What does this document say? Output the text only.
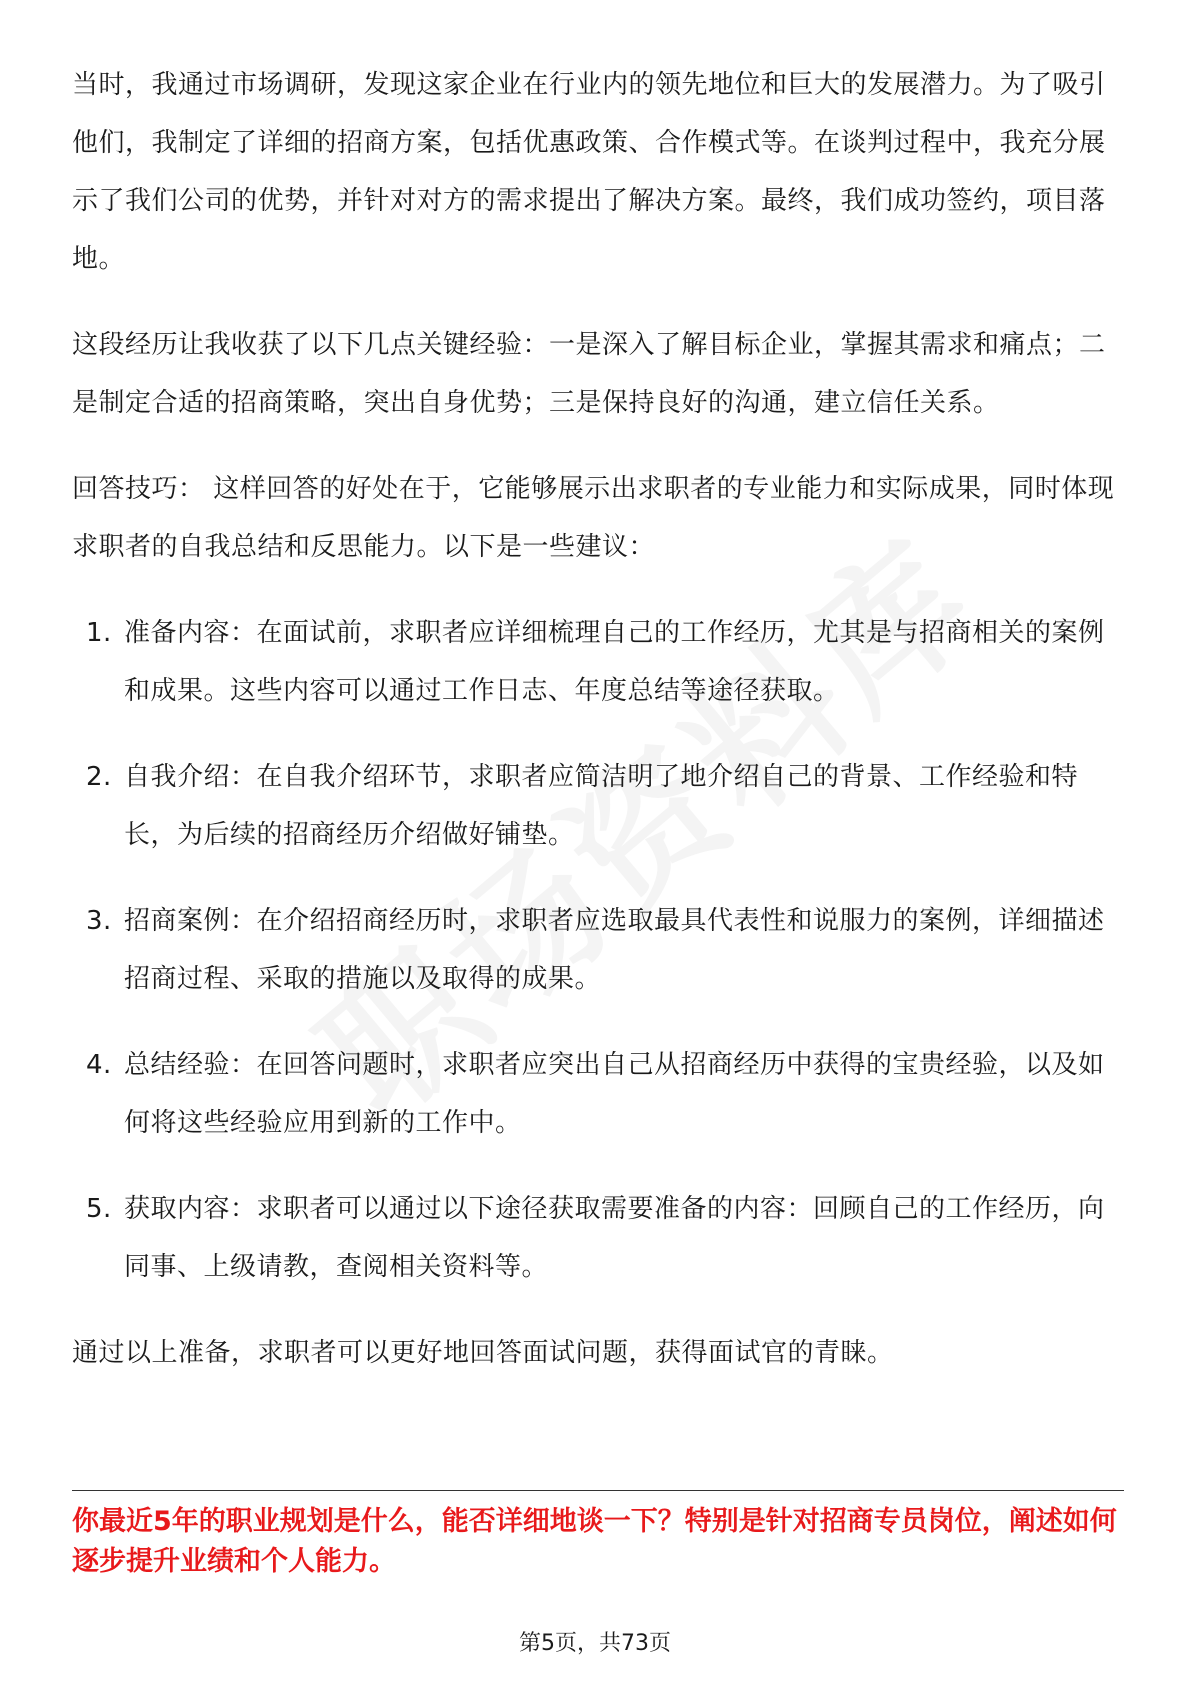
当时，我通过市场调研，发现这家企业在行业内的领先地位和巨大的发展潜力。为了吸引他们，我制定了详细的招商方案，包括优惠政策、合作模式等。在谈判过程中，我充分展示了我们公司的优势，并针对对方的需求提出了解决方案。最终，我们成功签约，项目落地。

这段经历让我收获了以下几点关键经验：一是深入了解目标企业，掌握其需求和痛点；二是制定合适的招商策略，突出自身优势；三是保持良好的沟通，建立信任关系。

回答技巧： 这样回答的好处在于，它能够展示出求职者的专业能力和实际成果，同时体现求职者的自我总结和反思能力。以下是一些建议：

1. 准备内容：在面试前，求职者应详细梳理自己的工作经历，尤其是与招商相关的案例和成果。这些内容可以通过工作日志、年度总结等途径获取。
2. 自我介绍：在自我介绍环节，求职者应简洁明了地介绍自己的背景、工作经验和特长，为后续的招商经历介绍做好铺垫。
3. 招商案例：在介绍招商经历时，求职者应选取最具代表性和说服力的案例，详细描述招商过程、采取的措施以及取得的成果。
4. 总结经验：在回答问题时，求职者应突出自己从招商经历中获得的宝贵经验，以及如何将这些经验应用到新的工作中。
5. 获取内容：求职者可以通过以下途径获取需要准备的内容：回顾自己的工作经历，向同事、上级请教，查阅相关资料等。

通过以上准备，求职者可以更好地回答面试问题，获得面试官的青睐。

你最近5年的职业规划是什么，能否详细地谈一下？特别是针对招商专员岗位，阐述如何逐步提升业绩和个人能力。

第5页，共73页
